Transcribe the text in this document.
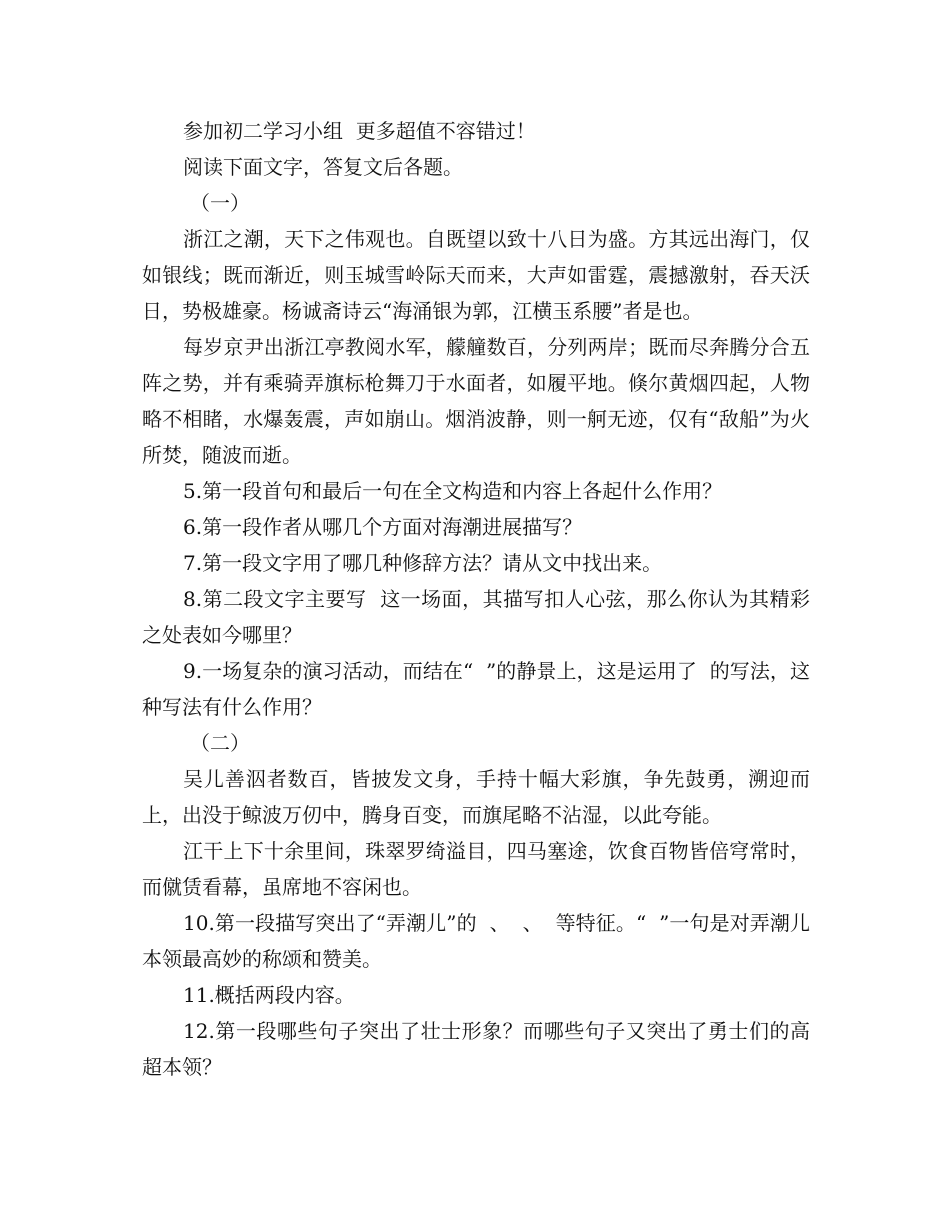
参加初二学习小组  更多超值不容错过！

阅读下面文字，答复文后各题。

（一）

浙江之潮，天下之伟观也。自既望以致十八日为盛。方其远出海门，仅如银线；既而渐近，则玉城雪岭际天而来，大声如雷霆，震撼激射，吞天沃日，势极雄豪。杨诚斋诗云“海涌银为郭，江横玉系腰”者是也。

每岁京尹出浙江亭教阅水军，艨艟数百，分列两岸；既而尽奔腾分合五阵之势，并有乘骑弄旗标枪舞刀于水面者，如履平地。倏尔黄烟四起，人物略不相睹，水爆轰震，声如崩山。烟消波静，则一舸无迹，仅有“敌船”为火所焚，随波而逝。

5.第一段首句和最后一句在全文构造和内容上各起什么作用？

6.第一段作者从哪几个方面对海潮进展描写？

7.第一段文字用了哪几种修辞方法？请从文中找出来。

8.第二段文字主要写  这一场面，其描写扣人心弦，那么你认为其精彩之处表如今哪里？

9.一场复杂的演习活动，而结在“  ”的静景上，这是运用了  的写法，这种写法有什么作用？

（二）

吴儿善泅者数百，皆披发文身，手持十幅大彩旗，争先鼓勇，溯迎而上，出没于鲸波万仞中，腾身百变，而旗尾略不沾湿，以此夸能。

江干上下十余里间，珠翠罗绮溢目，四马塞途，饮食百物皆倍穹常时，而僦赁看幕，虽席地不容闲也。

10.第一段描写突出了“弄潮儿”的  、  、  等特征。“  ”一句是对弄潮儿本领最高妙的称颂和赞美。

11.概括两段内容。

12.第一段哪些句子突出了壮士形象？而哪些句子又突出了勇士们的高超本领？
